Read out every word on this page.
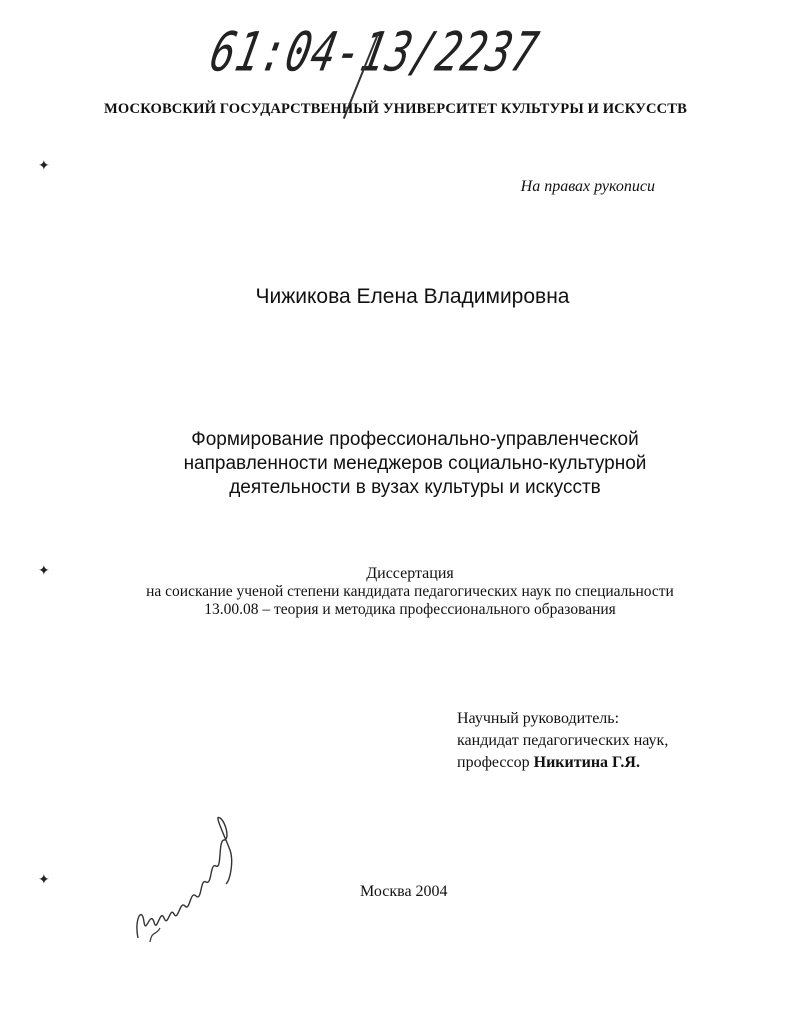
61:04-13/2237
МОСКОВСКИЙ ГОСУДАРСТВЕННЫЙ УНИВЕРСИТЕТ КУЛЬТУРЫ И ИСКУССТВ
На правах рукописи
Чижикова Елена Владимировна
Формирование профессионально-управленческой
направленности менеджеров социально-культурной
деятельности в вузах культуры и искусств
Диссертация
на соискание ученой степени кандидата педагогических наук по специальности
13.00.08 – теория и методика профессионального образования
Научный руководитель:
кандидат педагогических наук,
профессор Никитина Г.Я.
Москва 2004
✦
✦
✦
